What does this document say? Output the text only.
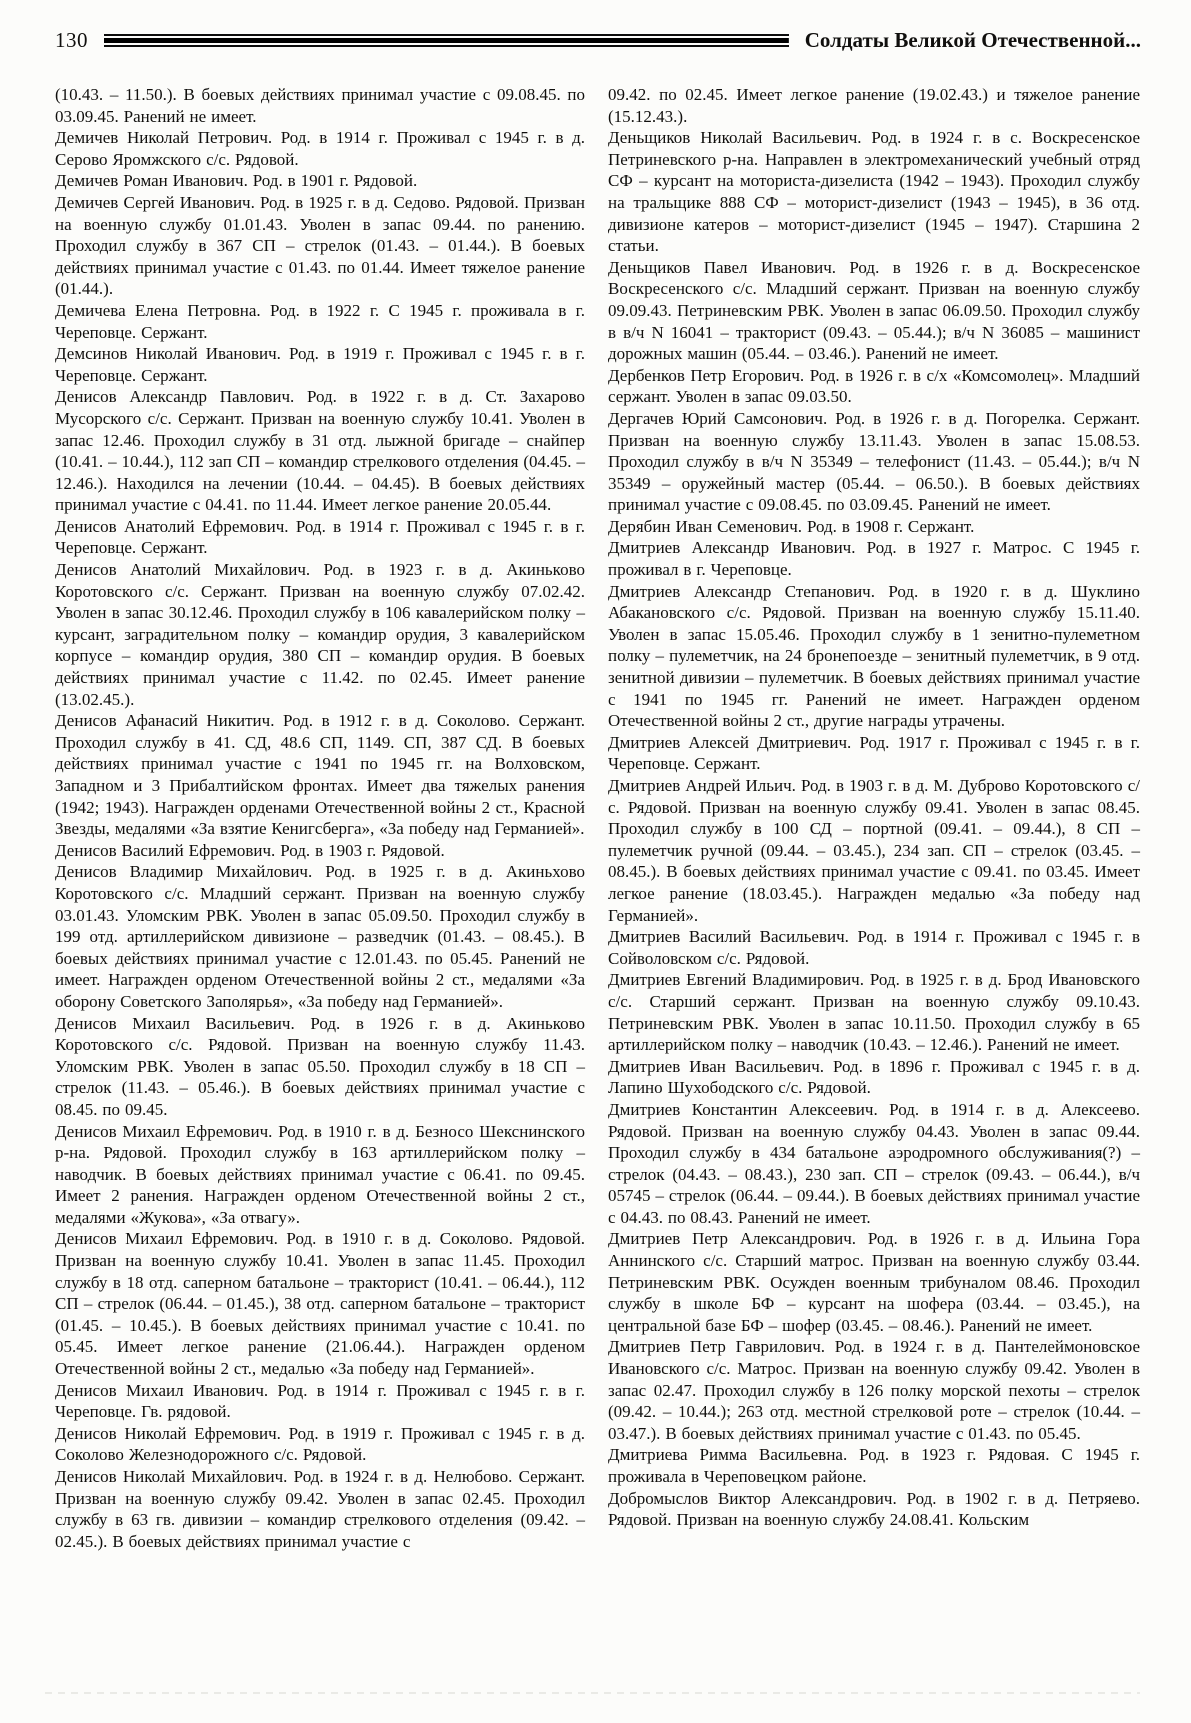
130	Солдаты Великой Отечественной...

(10.43. – 11.50.). В боевых действиях принимал участие с 09.08.45. по 03.09.45. Ранений не имеет.

Демичев Николай Петрович. Род. в 1914 г. Проживал с 1945 г. в д. Серово Яромжского с/с. Рядовой.

Демичев Роман Иванович. Род. в 1901 г. Рядовой.

Демичев Сергей Иванович. Род. в 1925 г. в д. Седово. Рядовой. Призван на военную службу 01.01.43. Уволен в запас 09.44. по ранению. Проходил службу в 367 СП – стрелок (01.43. – 01.44.). В боевых действиях принимал участие с 01.43. по 01.44. Имеет тяжелое ранение (01.44.).

Демичева Елена Петровна. Род. в 1922 г. С 1945 г. проживала в г. Череповце. Сержант.

Демсинов Николай Иванович. Род. в 1919 г. Проживал с 1945 г. в г. Череповце. Сержант.

Денисов Александр Павлович. Род. в 1922 г. в д. Ст. Захарово Мусорского с/с. Сержант. Призван на военную службу 10.41. Уволен в запас 12.46. Проходил службу в 31 отд. лыжной бригаде – снайпер (10.41. – 10.44.), 112 зап СП – командир стрелкового отделения (04.45. – 12.46.). Находился на лечении (10.44. – 04.45). В боевых действиях принимал участие с 04.41. по 11.44. Имеет легкое ранение 20.05.44.

Денисов Анатолий Ефремович. Род. в 1914 г. Проживал с 1945 г. в г. Череповце. Сержант.

Денисов Анатолий Михайлович. Род. в 1923 г. в д. Акиньково Коротовского с/с. Сержант. Призван на военную службу 07.02.42. Уволен в запас 30.12.46. Проходил службу в 106 кавалерийском полку – курсант, заградительном полку – командир орудия, 3 кавалерийском корпусе – командир орудия, 380 СП – командир орудия. В боевых действиях принимал участие с 11.42. по 02.45. Имеет ранение (13.02.45.).

Денисов Афанасий Никитич. Род. в 1912 г. в д. Соколово. Сержант. Проходил службу в 41. СД, 48.6 СП, 1149. СП, 387 СД. В боевых действиях принимал участие с 1941 по 1945 гг. на Волховском, Западном и 3 Прибалтийском фронтах. Имеет два тяжелых ранения (1942; 1943). Награжден орденами Отечественной войны 2 ст., Красной Звезды, медалями «За взятие Кенигсберга», «За победу над Германией».

Денисов Василий Ефремович. Род. в 1903 г. Рядовой.

Денисов Владимир Михайлович. Род. в 1925 г. в д. Акиньхово Коротовского с/с. Младший сержант. Призван на военную службу 03.01.43. Уломским РВК. Уволен в запас 05.09.50. Проходил службу в 199 отд. артиллерийском дивизионе – разведчик (01.43. – 08.45.). В боевых действиях принимал участие с 12.01.43. по 05.45. Ранений не имеет. Награжден орденом Отечественной войны 2 ст., медалями «За оборону Советского Заполярья», «За победу над Германией».

Денисов Михаил Васильевич. Род. в 1926 г. в д. Акиньково Коротовского с/с. Рядовой. Призван на военную службу 11.43. Уломским РВК. Уволен в запас 05.50. Проходил службу в 18 СП – стрелок (11.43. – 05.46.). В боевых действиях принимал участие с 08.45. по 09.45.

Денисов Михаил Ефремович. Род. в 1910 г. в д. Безносо Шекснинского р-на. Рядовой. Проходил службу в 163 артиллерийском полку – наводчик. В боевых действиях принимал участие с 06.41. по 09.45. Имеет 2 ранения. Награжден орденом Отечественной войны 2 ст., медалями «Жукова», «За отвагу».

Денисов Михаил Ефремович. Род. в 1910 г. в д. Соколово. Рядовой. Призван на военную службу 10.41. Уволен в запас 11.45. Проходил службу в 18 отд. саперном батальоне – тракторист (10.41. – 06.44.), 112 СП – стрелок (06.44. – 01.45.), 38 отд. саперном батальоне – тракторист (01.45. – 10.45.). В боевых действиях принимал участие с 10.41. по 05.45. Имеет легкое ранение (21.06.44.). Награжден орденом Отечественной войны 2 ст., медалью «За победу над Германией».

Денисов Михаил Иванович. Род. в 1914 г. Проживал с 1945 г. в г. Череповце. Гв. рядовой.

Денисов Николай Ефремович. Род. в 1919 г. Проживал с 1945 г. в д. Соколово Железнодорожного с/с. Рядовой.

Денисов Николай Михайлович. Род. в 1924 г. в д. Нелюбово. Сержант. Призван на военную службу 09.42. Уволен в запас 02.45. Проходил службу в 63 гв. дивизии – командир стрелкового отделения (09.42. – 02.45.). В боевых действиях принимал участие с

09.42. по 02.45. Имеет легкое ранение (19.02.43.) и тяжелое ранение (15.12.43.).

Деньщиков Николай Васильевич. Род. в 1924 г. в с. Воскресенское Петриневского р-на. Направлен в электромеханический учебный отряд СФ – курсант на моториста-дизелиста (1942 – 1943). Проходил службу на тральщике 888 СФ – моторист-дизелист (1943 – 1945), в 36 отд. дивизионе катеров – моторист-дизелист (1945 – 1947). Старшина 2 статьи.

Деньщиков Павел Иванович. Род. в 1926 г. в д. Воскресенское Воскресенского с/с. Младший сержант. Призван на военную службу 09.09.43. Петриневским РВК. Уволен в запас 06.09.50. Проходил службу в в/ч N 16041 – тракторист (09.43. – 05.44.); в/ч N 36085 – машинист дорожных машин (05.44. – 03.46.). Ранений не имеет.

Дербенков Петр Егорович. Род. в 1926 г. в с/х «Комсомолец». Младший сержант. Уволен в запас 09.03.50.

Дергачев Юрий Самсонович. Род. в 1926 г. в д. Погорелка. Сержант. Призван на военную службу 13.11.43. Уволен в запас 15.08.53. Проходил службу в в/ч N 35349 – телефонист (11.43. – 05.44.); в/ч N 35349 – оружейный мастер (05.44. – 06.50.). В боевых действиях принимал участие с 09.08.45. по 03.09.45. Ранений не имеет.

Дерябин Иван Семенович. Род. в 1908 г. Сержант.

Дмитриев Александр Иванович. Род. в 1927 г. Матрос. С 1945 г. проживал в г. Череповце.

Дмитриев Александр Степанович. Род. в 1920 г. в д. Шуклино Абакановского с/с. Рядовой. Призван на военную службу 15.11.40. Уволен в запас 15.05.46. Проходил службу в 1 зенитно-пулеметном полку – пулеметчик, на 24 бронепоезде – зенитный пулеметчик, в 9 отд. зенитной дивизии – пулеметчик. В боевых действиях принимал участие с 1941 по 1945 гг. Ранений не имеет. Награжден орденом Отечественной войны 2 ст., другие награды утрачены.

Дмитриев Алексей Дмитриевич. Род. 1917 г. Проживал с 1945 г. в г. Череповце. Сержант.

Дмитриев Андрей Ильич. Род. в 1903 г. в д. М. Дуброво Коротовского с/с. Рядовой. Призван на военную службу 09.41. Уволен в запас 08.45. Проходил службу в 100 СД – портной (09.41. – 09.44.), 8 СП – пулеметчик ручной (09.44. – 03.45.), 234 зап. СП – стрелок (03.45. – 08.45.). В боевых действиях принимал участие с 09.41. по 03.45. Имеет легкое ранение (18.03.45.). Награжден медалью «За победу над Германией».

Дмитриев Василий Васильевич. Род. в 1914 г. Проживал с 1945 г. в Сойволовском с/с. Рядовой.

Дмитриев Евгений Владимирович. Род. в 1925 г. в д. Брод Ивановского с/с. Старший сержант. Призван на военную службу 09.10.43. Петриневским РВК. Уволен в запас 10.11.50. Проходил службу в 65 артиллерийском полку – наводчик (10.43. – 12.46.). Ранений не имеет.

Дмитриев Иван Васильевич. Род. в 1896 г. Проживал с 1945 г. в д. Лапино Шухободского с/с. Рядовой.

Дмитриев Константин Алексеевич. Род. в 1914 г. в д. Алексеево. Рядовой. Призван на военную службу 04.43. Уволен в запас 09.44. Проходил службу в 434 батальоне аэродромного обслуживания(?) – стрелок (04.43. – 08.43.), 230 зап. СП – стрелок (09.43. – 06.44.), в/ч 05745 – стрелок (06.44. – 09.44.). В боевых действиях принимал участие с 04.43. по 08.43. Ранений не имеет.

Дмитриев Петр Александрович. Род. в 1926 г. в д. Ильина Гора Аннинского с/с. Старший матрос. Призван на военную службу 03.44. Петриневским РВК. Осужден военным трибуналом 08.46. Проходил службу в школе БФ – курсант на шофера (03.44. – 03.45.), на центральной базе БФ – шофер (03.45. – 08.46.). Ранений не имеет.

Дмитриев Петр Гаврилович. Род. в 1924 г. в д. Пантелеймоновское Ивановского с/с. Матрос. Призван на военную службу 09.42. Уволен в запас 02.47. Проходил службу в 126 полку морской пехоты – стрелок (09.42. – 10.44.); 263 отд. местной стрелковой роте – стрелок (10.44. – 03.47.). В боевых действиях принимал участие с 01.43. по 05.45.

Дмитриева Римма Васильевна. Род. в 1923 г. Рядовая. С 1945 г. проживала в Череповецком районе.

Добромыслов Виктор Александрович. Род. в 1902 г. в д. Петряево. Рядовой. Призван на военную службу 24.08.41. Кольским
